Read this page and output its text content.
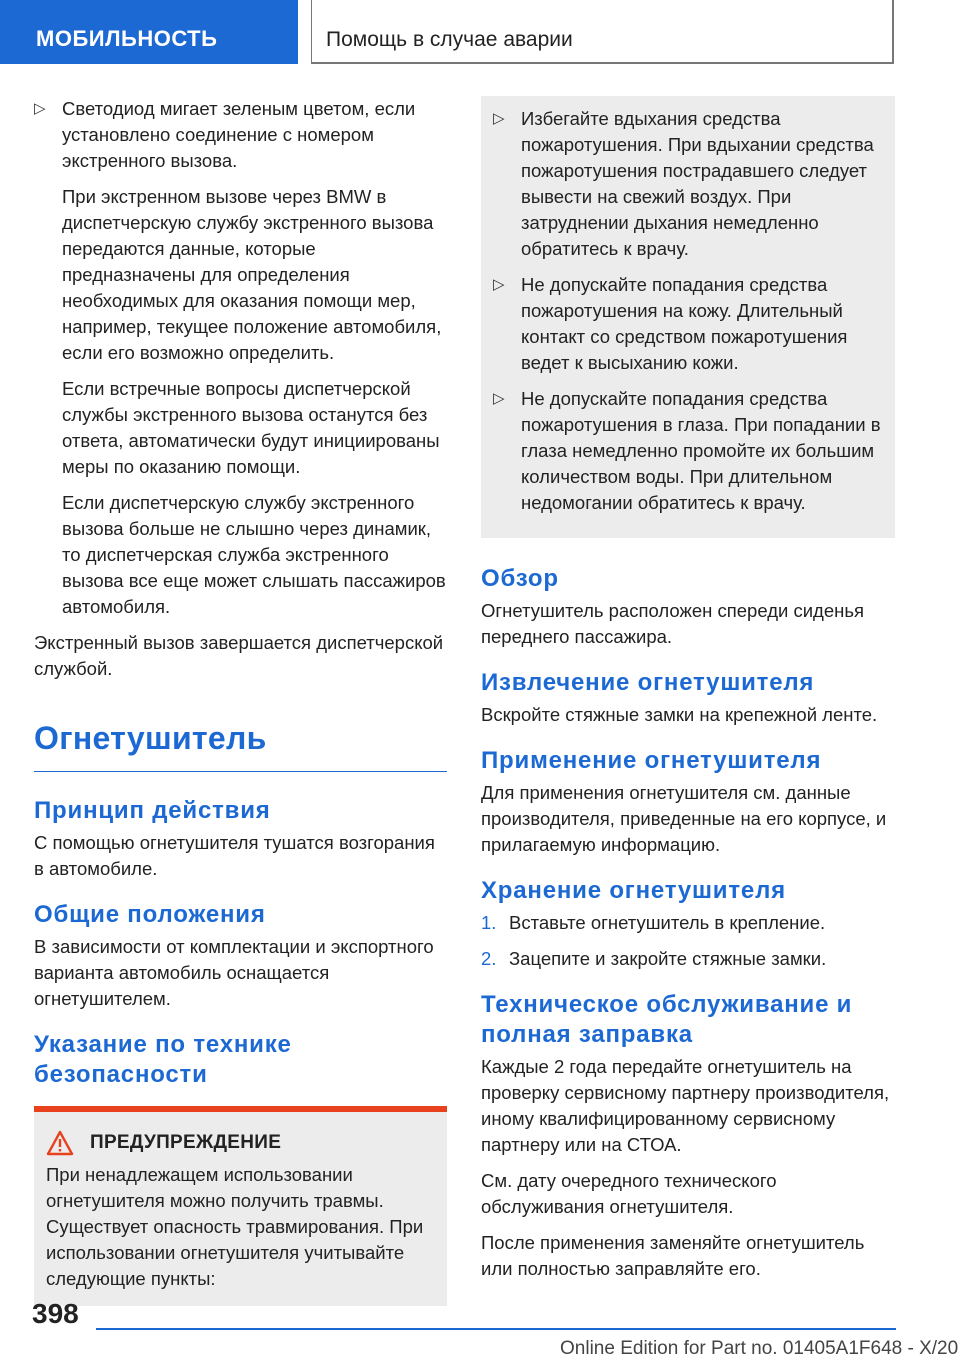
МОБИЛЬНОСТЬ	Помощь в случае аварии
▷ Светодиод мигает зеленым цветом, если установлено соединение с номером экстренного вызова.

При экстренном вызове через BMW в диспетчерскую службу экстренного вызова передаются данные, которые предназначены для определения необходимых для оказания помощи мер, например, текущее положение автомобиля, если его возможно определить.

Если встречные вопросы диспетчерской службы экстренного вызова останутся без ответа, автоматически будут инициированы меры по оказанию помощи.

Если диспетчерскую службу экстренного вызова больше не слышно через динамик, то диспетчерская служба экстренного вызова все еще может слышать пассажиров автомобиля.

Экстренный вызов завершается диспетчерской службой.

Огнетушитель
Принцип действия

С помощью огнетушителя тушатся возгорания в автомобиле.

Общие положения

В зависимости от комплектации и экспортного варианта автомобиль оснащается огнетушителем.

Указание по технике безопасности
ПРЕДУПРЕЖДЕНИЕ

При ненадлежащем использовании огнетушителя можно получить травмы. Существует опасность травмирования. При использовании огнетушителя учитывайте следующие пункты:

▷ Избегайте вдыхания средства пожаротушения. При вдыхании средства пожаротушения пострадавшего следует вывести на свежий воздух. При затруднении дыхания немедленно обратитесь к врачу.
▷ Не допускайте попадания средства пожаротушения на кожу. Длительный контакт со средством пожаротушения ведет к высыханию кожи.
▷ Не допускайте попадания средства пожаротушения в глаза. При попадании в глаза немедленно промойте их большим количеством воды. При длительном недомогании обратитесь к врачу.
Обзор

Огнетушитель расположен спереди сиденья переднего пассажира.

Извлечение огнетушителя

Вскройте стяжные замки на крепежной ленте.

Применение огнетушителя

Для применения огнетушителя см. данные производителя, приведенные на его корпусе, и прилагаемую информацию.

Хранение огнетушителя
1. Вставьте огнетушитель в крепление.
2. Зацепите и закройте стяжные замки.
Техническое обслуживание и полная заправка

Каждые 2 года передайте огнетушитель на проверку сервисному партнеру производителя, иному квалифицированному сервисному партнеру или на СТОА.

См. дату очередного технического обслуживания огнетушителя.

После применения заменяйте огнетушитель или полностью заправляйте его.

398
Online Edition for Part no. 01405A1F648 - X/20
